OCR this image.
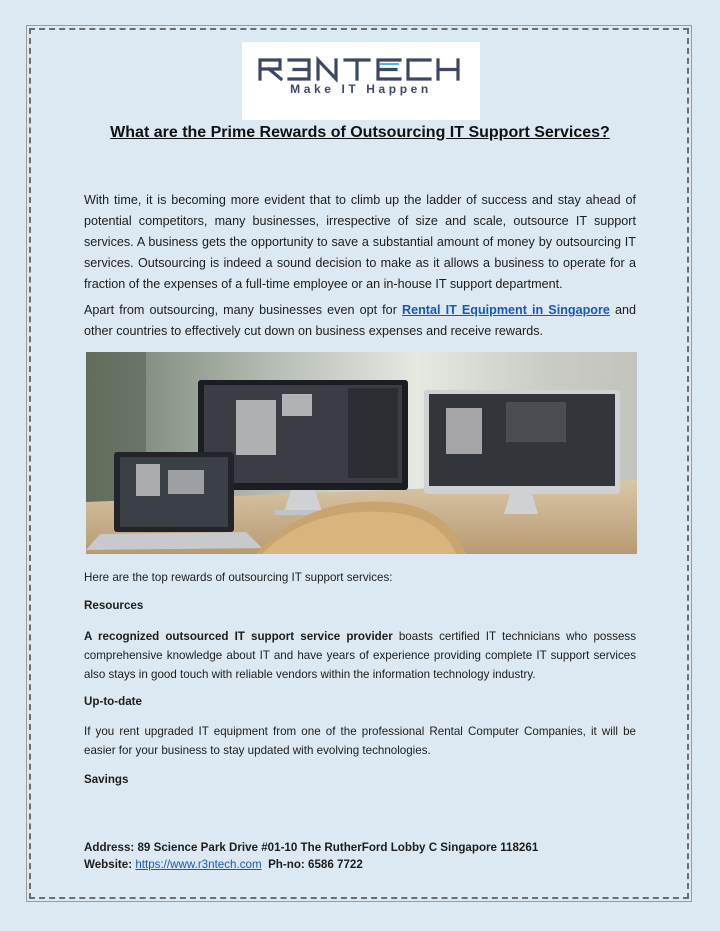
Make IT Happen
What are the Prime Rewards of Outsourcing IT Support Services?

With time, it is becoming more evident that to climb up the ladder of success and stay ahead of potential competitors, many businesses, irrespective of size and scale, outsource IT support services. A business gets the opportunity to save a substantial amount of money by outsourcing IT services. Outsourcing is indeed a sound decision to make as it allows a business to operate for a fraction of the expenses of a full-time employee or an in-house IT support department.

Apart from outsourcing, many businesses even opt for Rental IT Equipment in Singapore and other countries to effectively cut down on business expenses and receive rewards.

Here are the top rewards of outsourcing IT support services:
Resources

A recognized outsourced IT support service provider boasts certified IT technicians who possess comprehensive knowledge about IT and have years of experience providing complete IT support services also stays in good touch with reliable vendors within the information technology industry.

Up-to-date

If you rent upgraded IT equipment from one of the professional Rental Computer Companies, it will be easier for your business to stay updated with evolving technologies.

Savings
Address: 89 Science Park Drive #01-10 The RutherFord Lobby C Singapore 118261
Website: https://www.r3ntech.com Ph-no: 6586 7722
